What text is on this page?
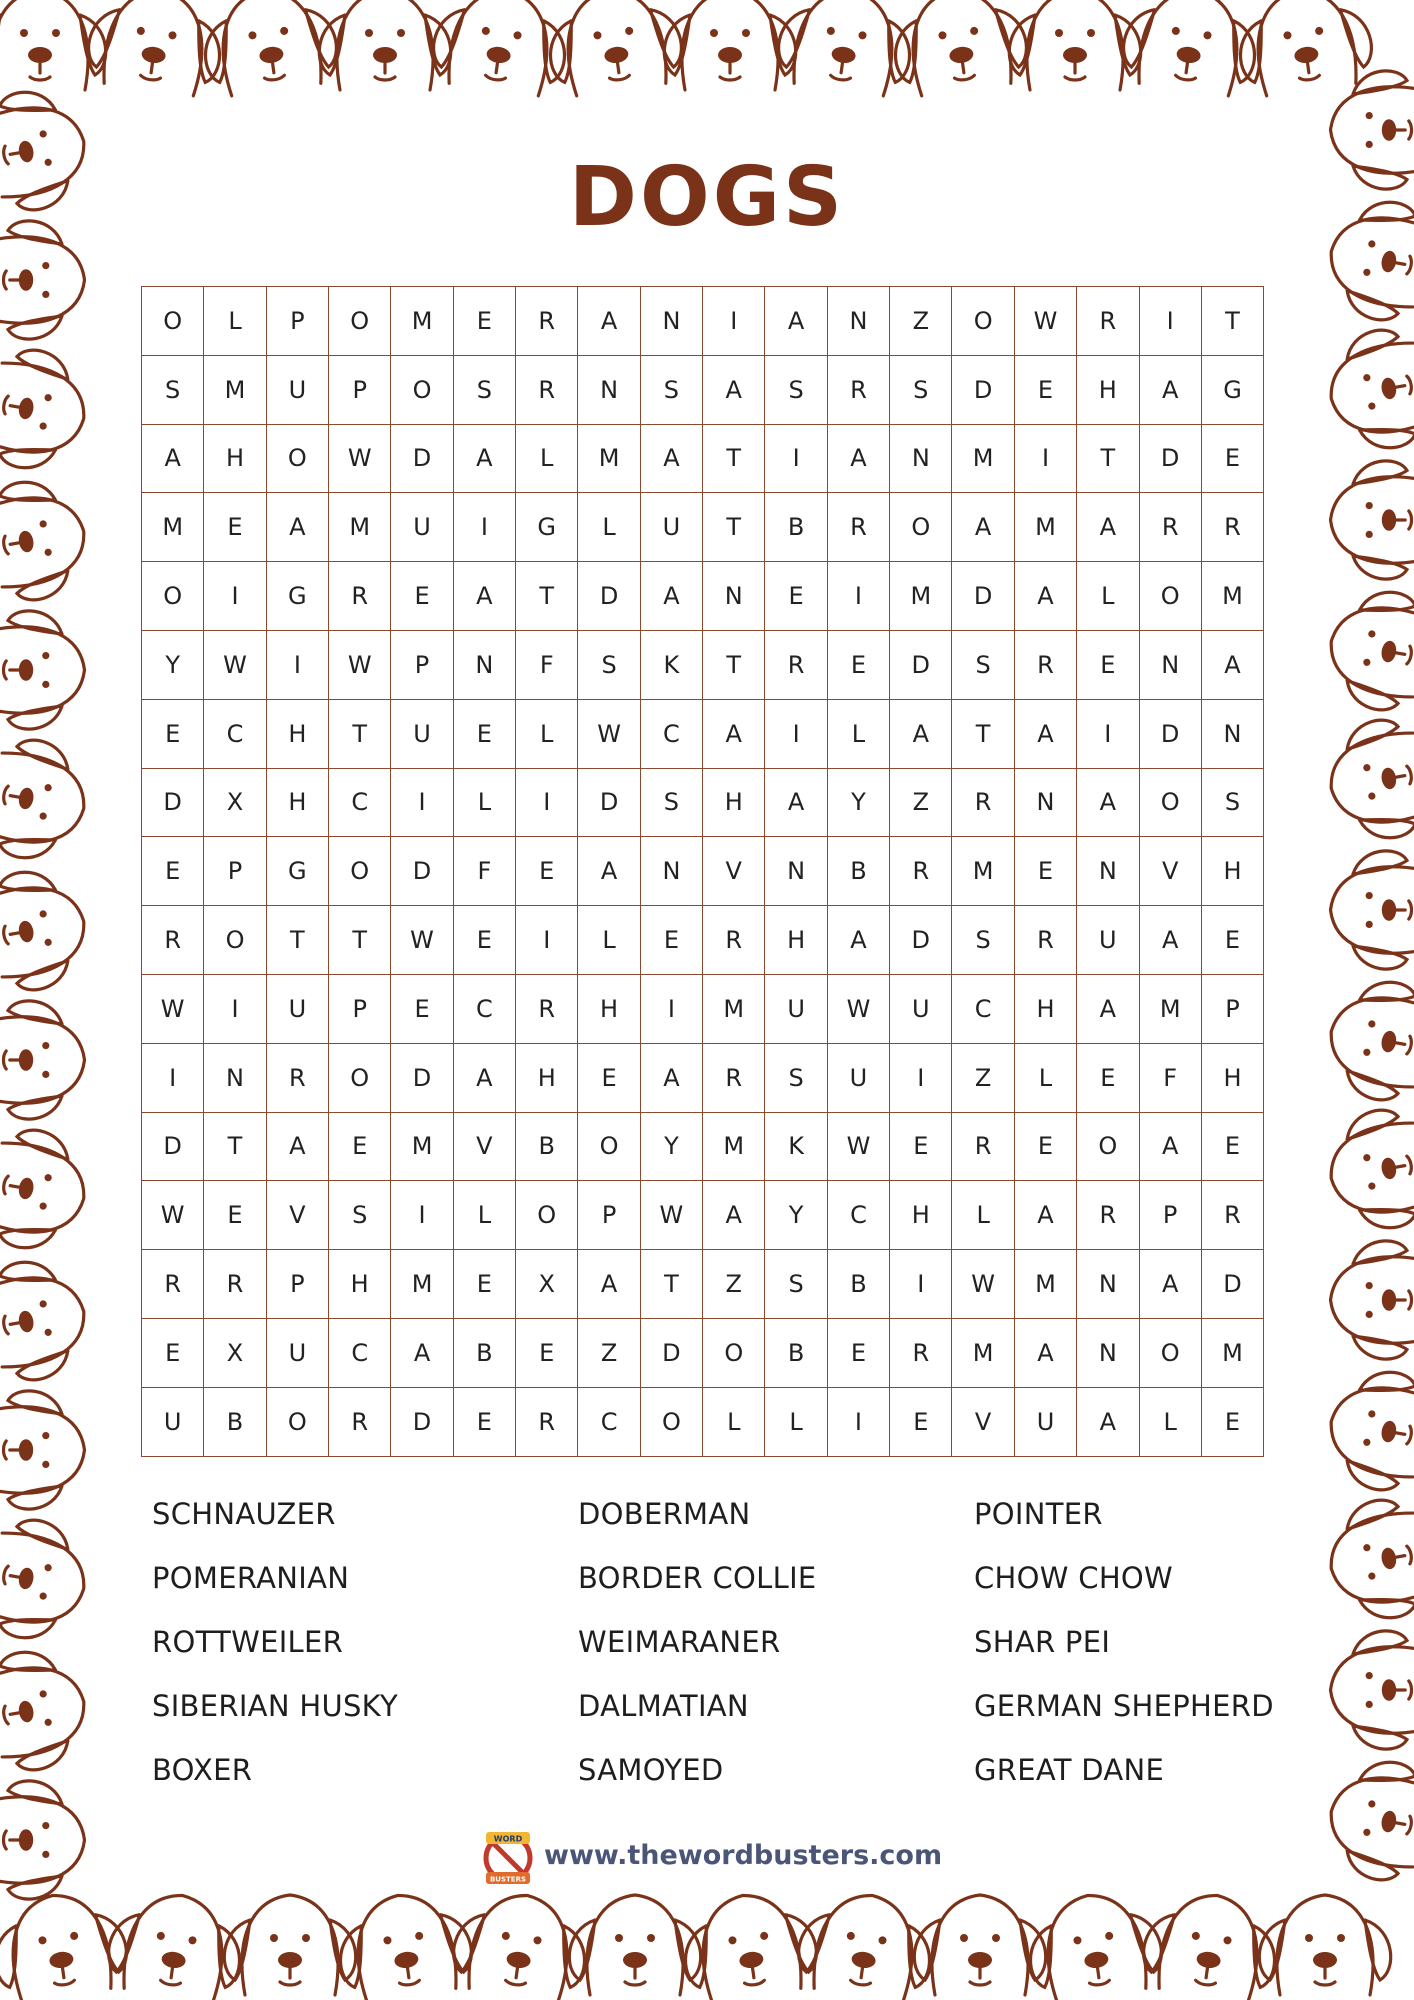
DOGS
O	L	P	O	M	E	R	A	N	I	A	N	Z	O	W	R	I	T
S	M	U	P	O	S	R	N	S	A	S	R	S	D	E	H	A	G
A	H	O	W	D	A	L	M	A	T	I	A	N	M	I	T	D	E
M	E	A	M	U	I	G	L	U	T	B	R	O	A	M	A	R	R
O	I	G	R	E	A	T	D	A	N	E	I	M	D	A	L	O	M
Y	W	I	W	P	N	F	S	K	T	R	E	D	S	R	E	N	A
E	C	H	T	U	E	L	W	C	A	I	L	A	T	A	I	D	N
D	X	H	C	I	L	I	D	S	H	A	Y	Z	R	N	A	O	S
E	P	G	O	D	F	E	A	N	V	N	B	R	M	E	N	V	H
R	O	T	T	W	E	I	L	E	R	H	A	D	S	R	U	A	E
W	I	U	P	E	C	R	H	I	M	U	W	U	C	H	A	M	P
I	N	R	O	D	A	H	E	A	R	S	U	I	Z	L	E	F	H
D	T	A	E	M	V	B	O	Y	M	K	W	E	R	E	O	A	E
W	E	V	S	I	L	O	P	W	A	Y	C	H	L	A	R	P	R
R	R	P	H	M	E	X	A	T	Z	S	B	I	W	M	N	A	D
E	X	U	C	A	B	E	Z	D	O	B	E	R	M	A	N	O	M
U	B	O	R	D	E	R	C	O	L	L	I	E	V	U	A	L	E
SCHNAUZER	DOBERMAN	POINTER
POMERANIAN	BORDER COLLIE	CHOW CHOW
ROTTWEILER	WEIMARANER	SHAR PEI
SIBERIAN HUSKY	DALMATIAN	GERMAN SHEPHERD
BOXER	SAMOYED	GREAT DANE
WORD
BUSTERS
www.thewordbusters.com
